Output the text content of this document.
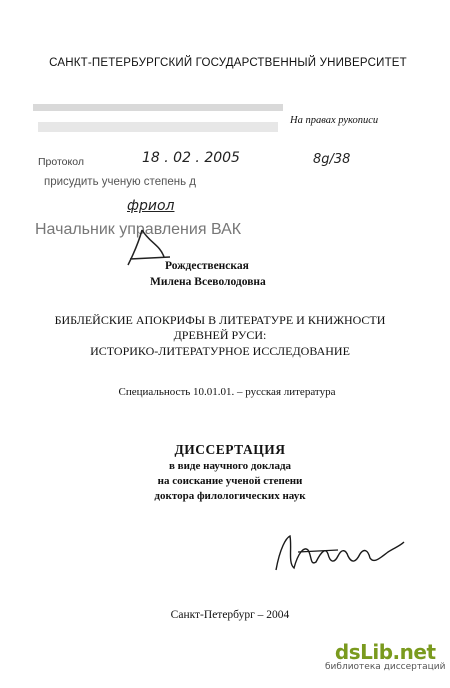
САНКТ-ПЕТЕРБУРГСКИЙ ГОСУДАРСТВЕННЫЙ УНИВЕРСИТЕТ
На правах рукописи
Протокол	18 . 02 . 2005	8g/38
присудить ученую степень д
фриол
Начальник управления ВАК
Рождественская
Милена Всеволодовна
БИБЛЕЙСКИЕ АПОКРИФЫ В ЛИТЕРАТУРЕ И КНИЖНОСТИ
ДРЕВНЕЙ РУСИ:
ИСТОРИКО-ЛИТЕРАТУРНОЕ ИССЛЕДОВАНИЕ
Специальность 10.01.01. – русская литература
ДИССЕРТАЦИЯ
в виде научного доклада
на соискание ученой степени
доктора филологических наук
Санкт-Петербург – 2004
dsLib.net
библиотека диссертаций
